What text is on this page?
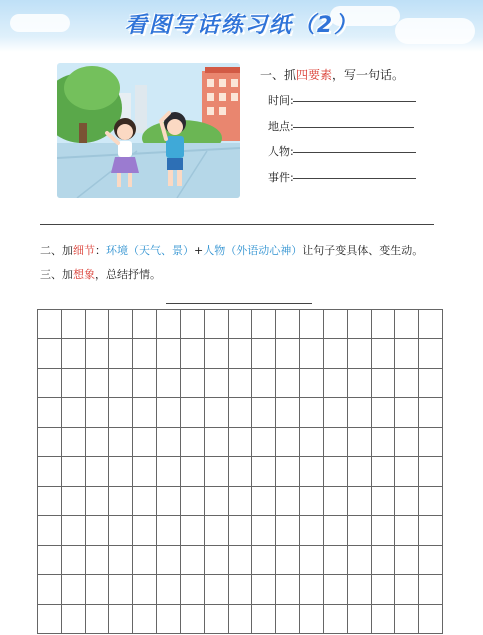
看图写话练习纸（2）
一、抓四要素，写一句话。
时间:
地点:
人物:
事件:
二、加细节：环境（天气、景）+人物（外语动心神）让句子变具体、变生动。
三、加想象，总结抒情。
